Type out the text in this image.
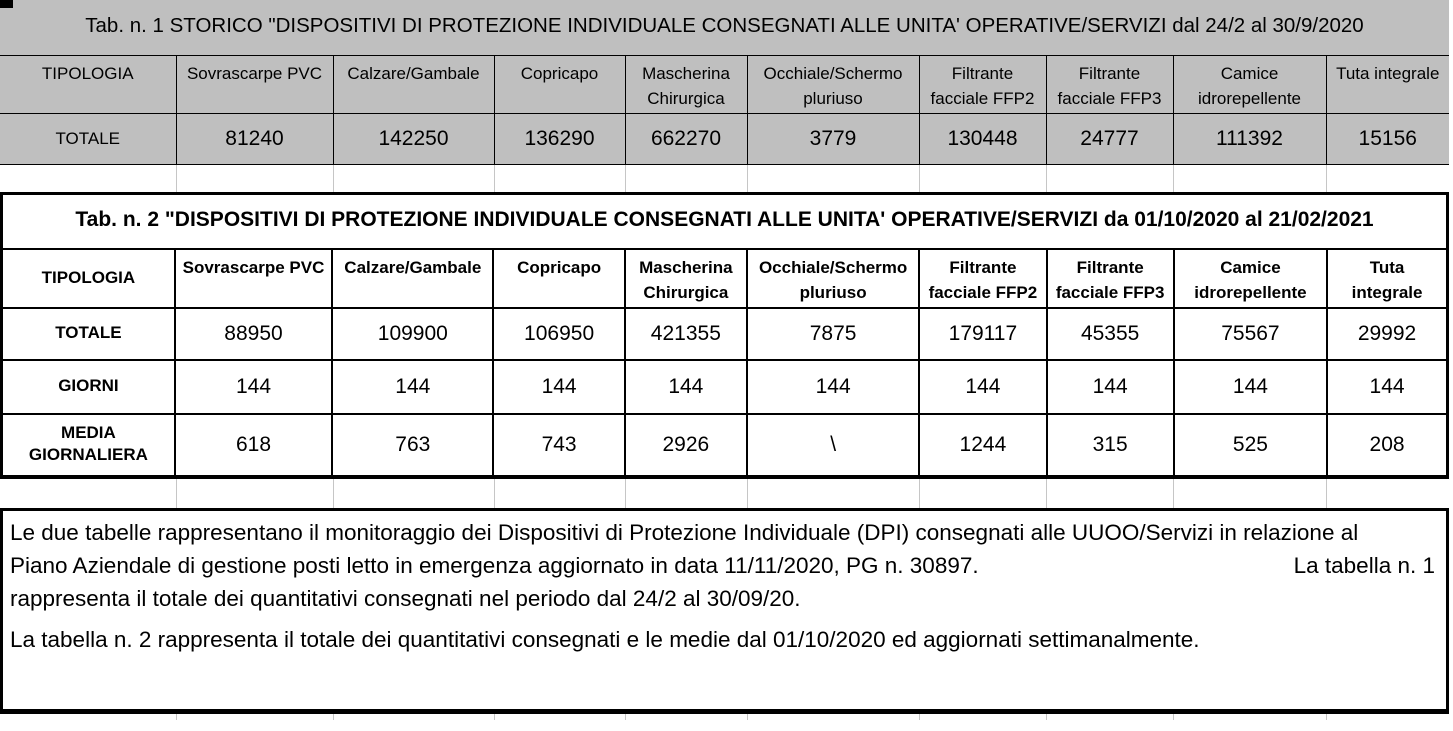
Tab. n. 1 STORICO "DISPOSITIVI DI PROTEZIONE INDIVIDUALE CONSEGNATI ALLE UNITA' OPERATIVE/SERVIZI dal 24/2 al 30/9/2020									
TIPOLOGIA	Sovrascarpe PVC	Calzare/Gambale	Copricapo	Mascherina Chirurgica	Occhiale/Schermo pluriuso	Filtrante facciale FFP2	Filtrante facciale FFP3	Camice idrorepellente	Tuta integrale
TOTALE	81240	142250	136290	662270	3779	130448	24777	111392	15156

Tab. n. 2 "DISPOSITIVI DI PROTEZIONE INDIVIDUALE CONSEGNATI ALLE UNITA' OPERATIVE/SERVIZI da 01/10/2020 al 21/02/2021									
TIPOLOGIA	Sovrascarpe PVC	Calzare/Gambale	Copricapo	Mascherina Chirurgica	Occhiale/Schermo pluriuso	Filtrante facciale FFP2	Filtrante facciale FFP3	Camice idrorepellente	Tuta integrale
TOTALE	88950	109900	106950	421355	7875	179117	45355	75567	29992
GIORNI	144	144	144	144	144	144	144	144	144
MEDIA GIORNALIERA	618	763	743	2926	\	1244	315	525	208

Le due tabelle rappresentano il monitoraggio dei Dispositivi di Protezione Individuale (DPI) consegnati alle UUOO/Servizi in relazione al
Piano Aziendale di gestione posti letto in emergenza aggiornato in data 11/11/2020, PG n. 30897.	La tabella n. 1
rappresenta il totale dei quantitativi consegnati nel periodo dal 24/2 al 30/09/20.
La tabella n. 2 rappresenta il totale dei quantitativi consegnati e le medie dal 01/10/2020 ed aggiornati settimanalmente.
